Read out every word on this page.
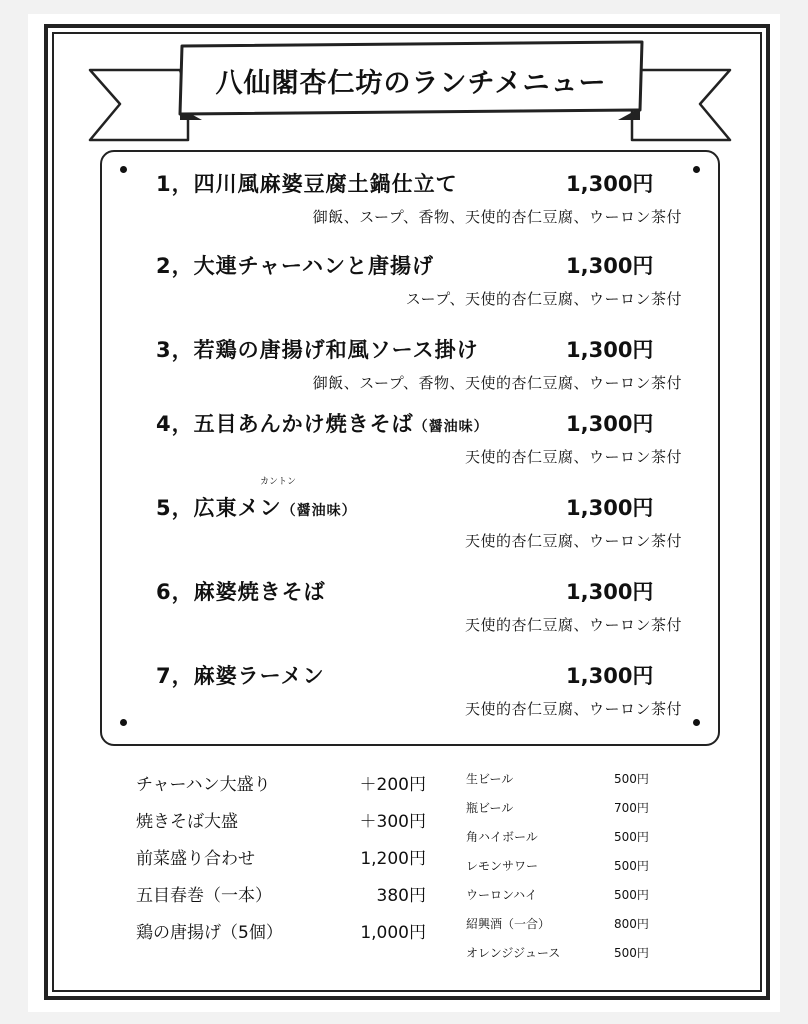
八仙閣杏仁坊のランチメニュー
1，四川風麻婆豆腐土鍋仕立て	1,300円
御飯、スープ、香物、天使的杏仁豆腐、ウーロン茶付
2，大連チャーハンと唐揚げ	1,300円
スープ、天使的杏仁豆腐、ウーロン茶付
3，若鶏の唐揚げ和風ソース掛け	1,300円
御飯、スープ、香物、天使的杏仁豆腐、ウーロン茶付
4，五目あんかけ焼きそば（醤油味）	1,300円
天使的杏仁豆腐、ウーロン茶付
カントン
5，広東メン（醤油味）	1,300円
天使的杏仁豆腐、ウーロン茶付
6，麻婆焼きそば	1,300円
天使的杏仁豆腐、ウーロン茶付
7，麻婆ラーメン	1,300円
天使的杏仁豆腐、ウーロン茶付
チャーハン大盛り	＋200円
焼きそば大盛	＋300円
前菜盛り合わせ	1,200円
五目春巻（一本）	380円
鶏の唐揚げ（5個）	1,000円
生ビール	500円
瓶ビール	700円
角ハイボール	500円
レモンサワー	500円
ウーロンハイ	500円
紹興酒（一合）	800円
オレンジジュース	500円
